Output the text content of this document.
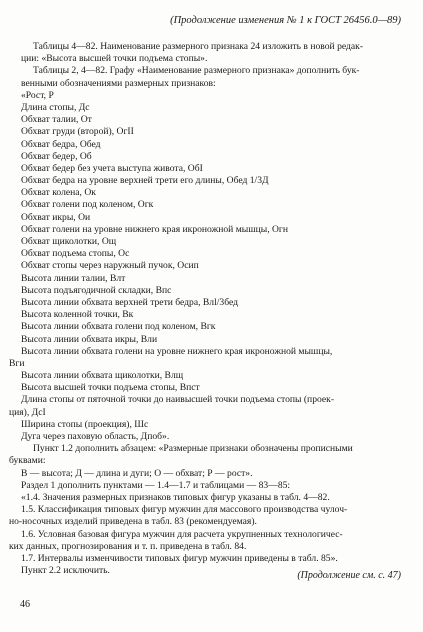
(Продолжение изменения № 1 к ГОСТ 26456.0—89)
Таблицы 4—82. Наименование размерного признака 24 изложить в новой редак-
ции: «Высота высшей точки подъема стопы».
Таблицы 2, 4—82. Графу «Наименование размерного признака» дополнить бук-
венными обозначениями размерных признаков:
«Рост, Р
Длина стопы, Дс
Обхват талии, От
Обхват груди (второй), ОгII
Обхват бедра, Обед
Обхват бедер, Об
Обхват бедер без учета выступа живота, ОбI
Обхват бедра на уровне верхней трети его длины, Обед 1/3Д
Обхват колена, Ок
Обхват голени под коленом, Огк
Обхват икры, Ои
Обхват голени на уровне нижнего края икроножной мышцы, Огн
Обхват щиколотки, Ощ
Обхват подъема стопы, Ос
Обхват стопы через наружный пучок, Осип
Высота линии талии, Влт
Высота подъягодичной складки, Впс
Высота линии обхвата верхней трети бедра, Влl/3бед
Высота коленной точки, Вк
Высота линии обхвата голени под коленом, Вгк
Высота линии обхвата икры, Вли
Высота линии обхвата голени на уровне нижнего края икроножной мышцы,
Вги
Высота линии обхвата щиколотки, Влщ
Высота высшей точки подъема стопы, Впст
Длина стопы от пяточной точки до наивысшей точки подъема стопы (проек-
ция), ДсI
Ширина стопы (проекция), Шс
Дуга через паховую область, Дпоб».
Пункт 1.2 дополнить абзацем: «Размерные признаки обозначены прописными
буквами:
В — высота; Д — длина и дуги; О — обхват; Р — рост».
Раздел 1 дополнить пунктами — 1.4—1.7 и таблицами — 83—85:
«1.4. Значения размерных признаков типовых фигур указаны в табл. 4—82.
1.5. Классификация типовых фигур мужчин для массового производства чулоч-
но-носочных изделий приведена в табл. 83 (рекомендуемая).
1.6. Условная базовая фигура мужчин для расчета укрупненных технологичес-
ких данных, прогнозирования и т. п. приведена в табл. 84.
1.7. Интервалы изменчивости типовых фигур мужчин приведены в табл. 85».
Пункт 2.2 исключить.	(Продолжение см. с. 47)
46
